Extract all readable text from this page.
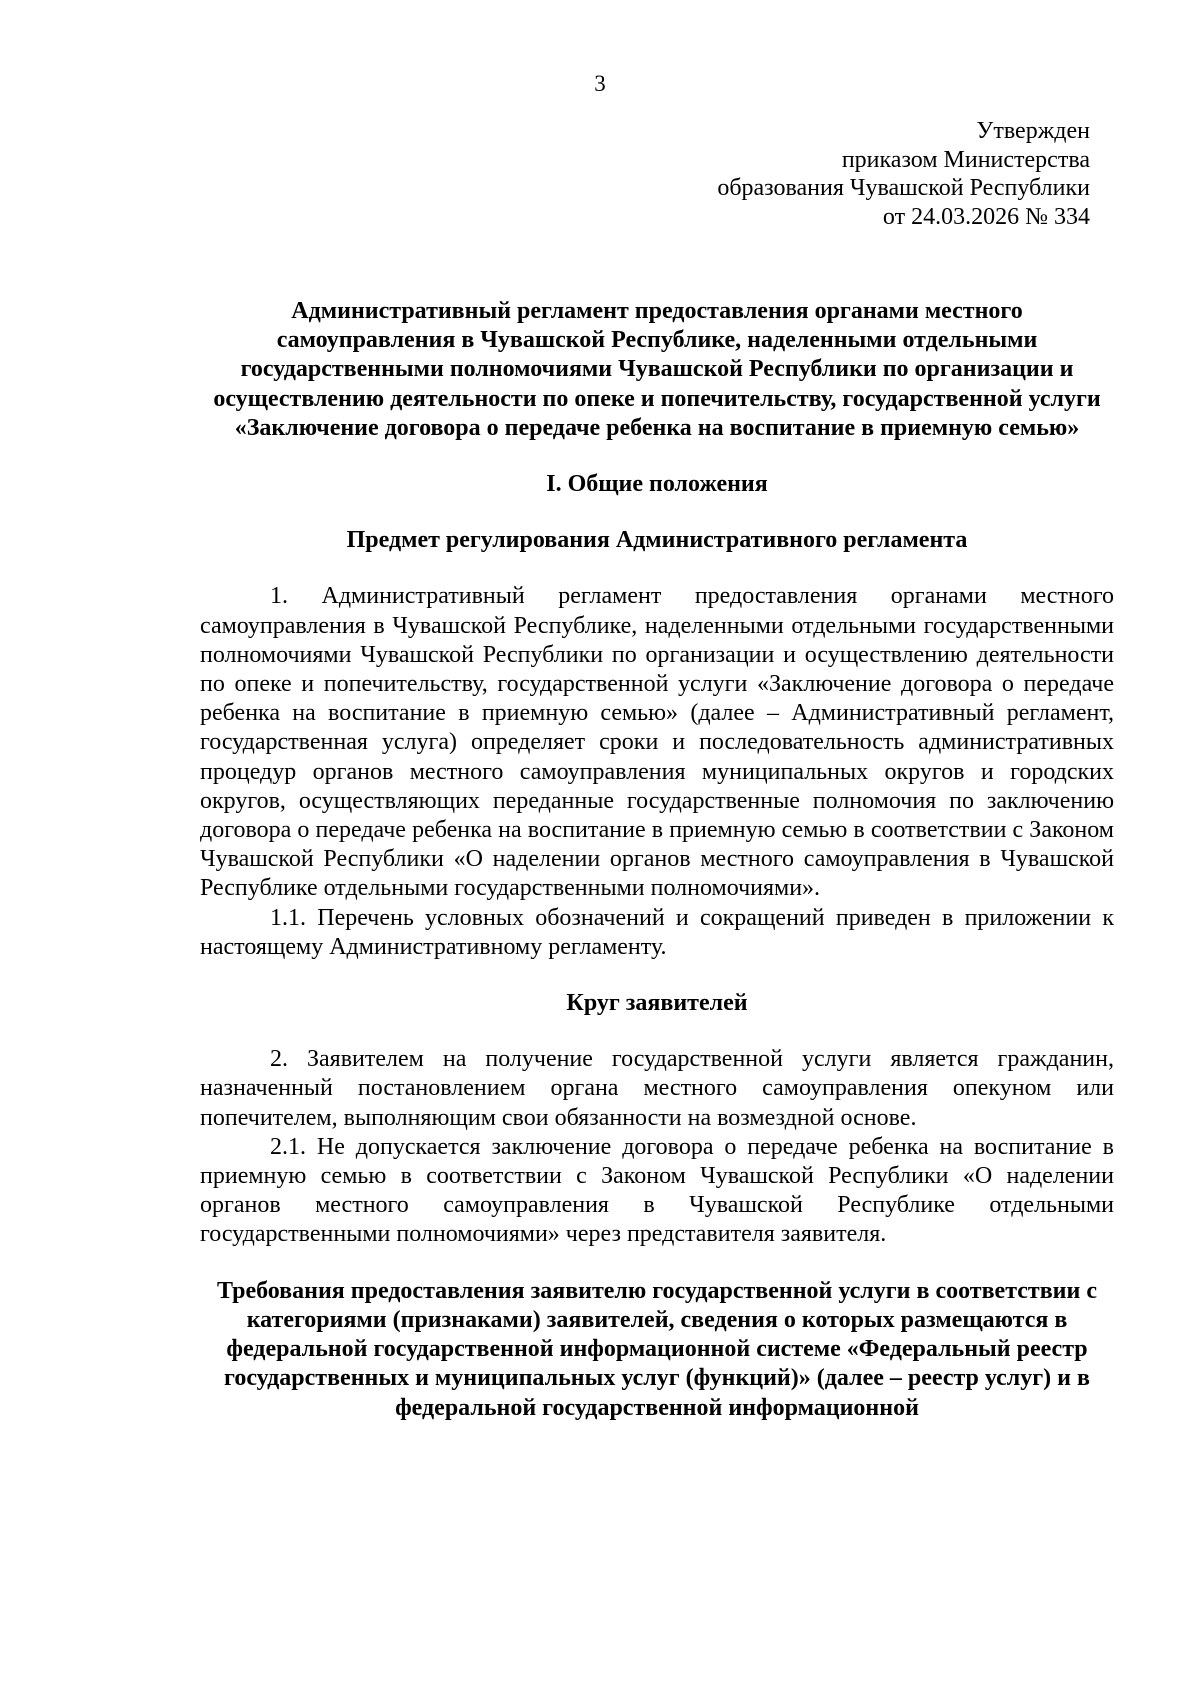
3
Утвержден
приказом Министерства
образования Чувашской Республики
от 24.03.2026 № 334

Административный регламент предоставления органами местного самоуправления в Чувашской Республике, наделенными отдельными государственными полномочиями Чувашской Республики по организации и осуществлению деятельности по опеке и попечительству, государственной услуги «Заключение договора о передаче ребенка на воспитание в приемную семью»

I. Общие положения

Предмет регулирования Административного регламента

1. Административный регламент предоставления органами местного самоуправления в Чувашской Республике, наделенными отдельными государственными полномочиями Чувашской Республики по организации и осуществлению деятельности по опеке и попечительству, государственной услуги «Заключение договора о передаче ребенка на воспитание в приемную семью» (далее – Административный регламент, государственная услуга) определяет сроки и последовательность административных процедур органов местного самоуправления муниципальных округов и городских округов, осуществляющих переданные государственные полномочия по заключению договора о передаче ребенка на воспитание в приемную семью в соответствии с Законом Чувашской Республики «О наделении органов местного самоуправления в Чувашской Республике отдельными государственными полномочиями».

1.1. Перечень условных обозначений и сокращений приведен в приложении к настоящему Административному регламенту.

Круг заявителей

2. Заявителем на получение государственной услуги является гражданин, назначенный постановлением органа местного самоуправления опекуном или попечителем, выполняющим свои обязанности на возмездной основе.

2.1. Не допускается заключение договора о передаче ребенка на воспитание в приемную семью в соответствии с Законом Чувашской Республики «О наделении органов местного самоуправления в Чувашской Республике отдельными государственными полномочиями» через представителя заявителя.

Требования предоставления заявителю государственной услуги в соответствии с категориями (признаками) заявителей, сведения о которых размещаются в федеральной государственной информационной системе «Федеральный реестр государственных и муниципальных услуг (функций)» (далее – реестр услуг) и в федеральной государственной информационной
